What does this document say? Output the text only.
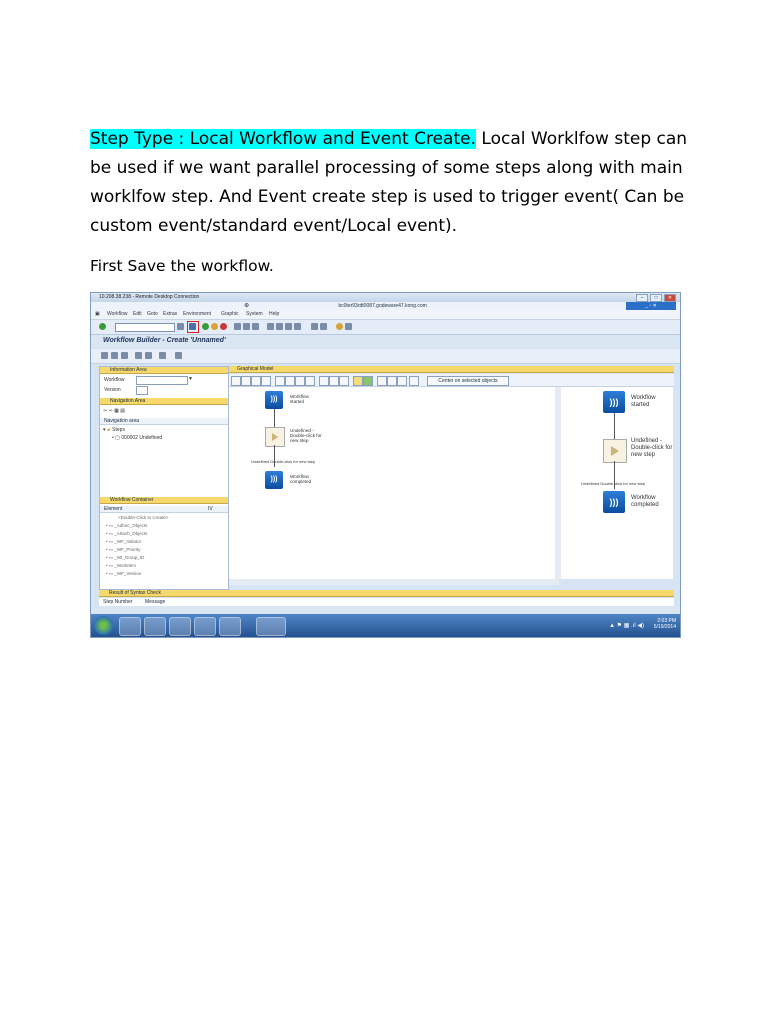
Step Type : Local Workflow and Event Create. Local Worklfow step can
be used if we want parallel processing of some steps along with main
worklfow step. And Event create step is used to trigger event( Can be
custom event/standard event/Local event).
First Save the workflow.
10.208.38.238 - Remote Desktop Connection	–	□	✕
⊕	bc0ter93rdt0087.godeware47.kong.com	_ ▫ ✕
▣ Workflow Edit Goto Extras Environment Graphic System Help
Workflow Builder - Create 'Unnamed'
Information Area
Workflow	▼
Version
Navigation Area
⇦ ⇨ ▦ ▤
Navigation area
▾ ▰ Steps
• ▢ 000002 Undefined
Workflow Container
Element	IV
<Double-Click to Create>
• ▭ _Adhoc_Objects
• ▭ _Attach_Objects
• ▭ _WF_Initiator
• ▭ _WF_Priority
• ▭ _WI_Group_ID
• ▭ _WorkItem
• ▭ _WF_Version
Graphical Model
Center on selected objects
)))	Workflow started
Undefined - Double-click for new step
Undefined Double-click for new step
)))	Workflow completed
)))	Workflow started
Undefined - Double-click for new step
Undefined Double-click for new step
)))	Workflow completed
Result of Syntax Check
Step Number	Message
▲ ⚑ ▦ .ıl ◀)
2:03 PM
5/19/2014
